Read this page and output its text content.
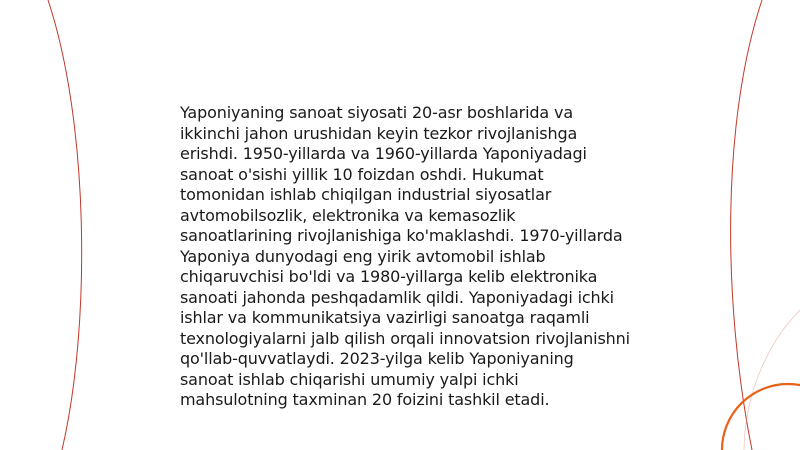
Yaponiyaning sanoat siyosati 20-asr boshlarida va ikkinchi jahon urushidan keyin tezkor rivojlanishga erishdi. 1950-yillarda va 1960-yillarda Yaponiyadagi sanoat o'sishi yillik 10 foizdan oshdi. Hukumat tomonidan ishlab chiqilgan industrial siyosatlar avtomobilsozlik, elektronika va kemasozlik sanoatlarining rivojlanishiga ko'maklashdi. 1970-yillarda Yaponiya dunyodagi eng yirik avtomobil ishlab chiqaruvchisi bo'ldi va 1980-yillarga kelib elektronika sanoati jahonda peshqadamlik qildi. Yaponiyadagi ichki ishlar va kommunikatsiya vazirligi sanoatga raqamli texnologiyalarni jalb qilish orqali innovatsion rivojlanishni qo'llab-quvvatlaydi. 2023-yilga kelib Yaponiyaning sanoat ishlab chiqarishi umumiy yalpi ichki mahsulotning taxminan 20 foizini tashkil etadi.
